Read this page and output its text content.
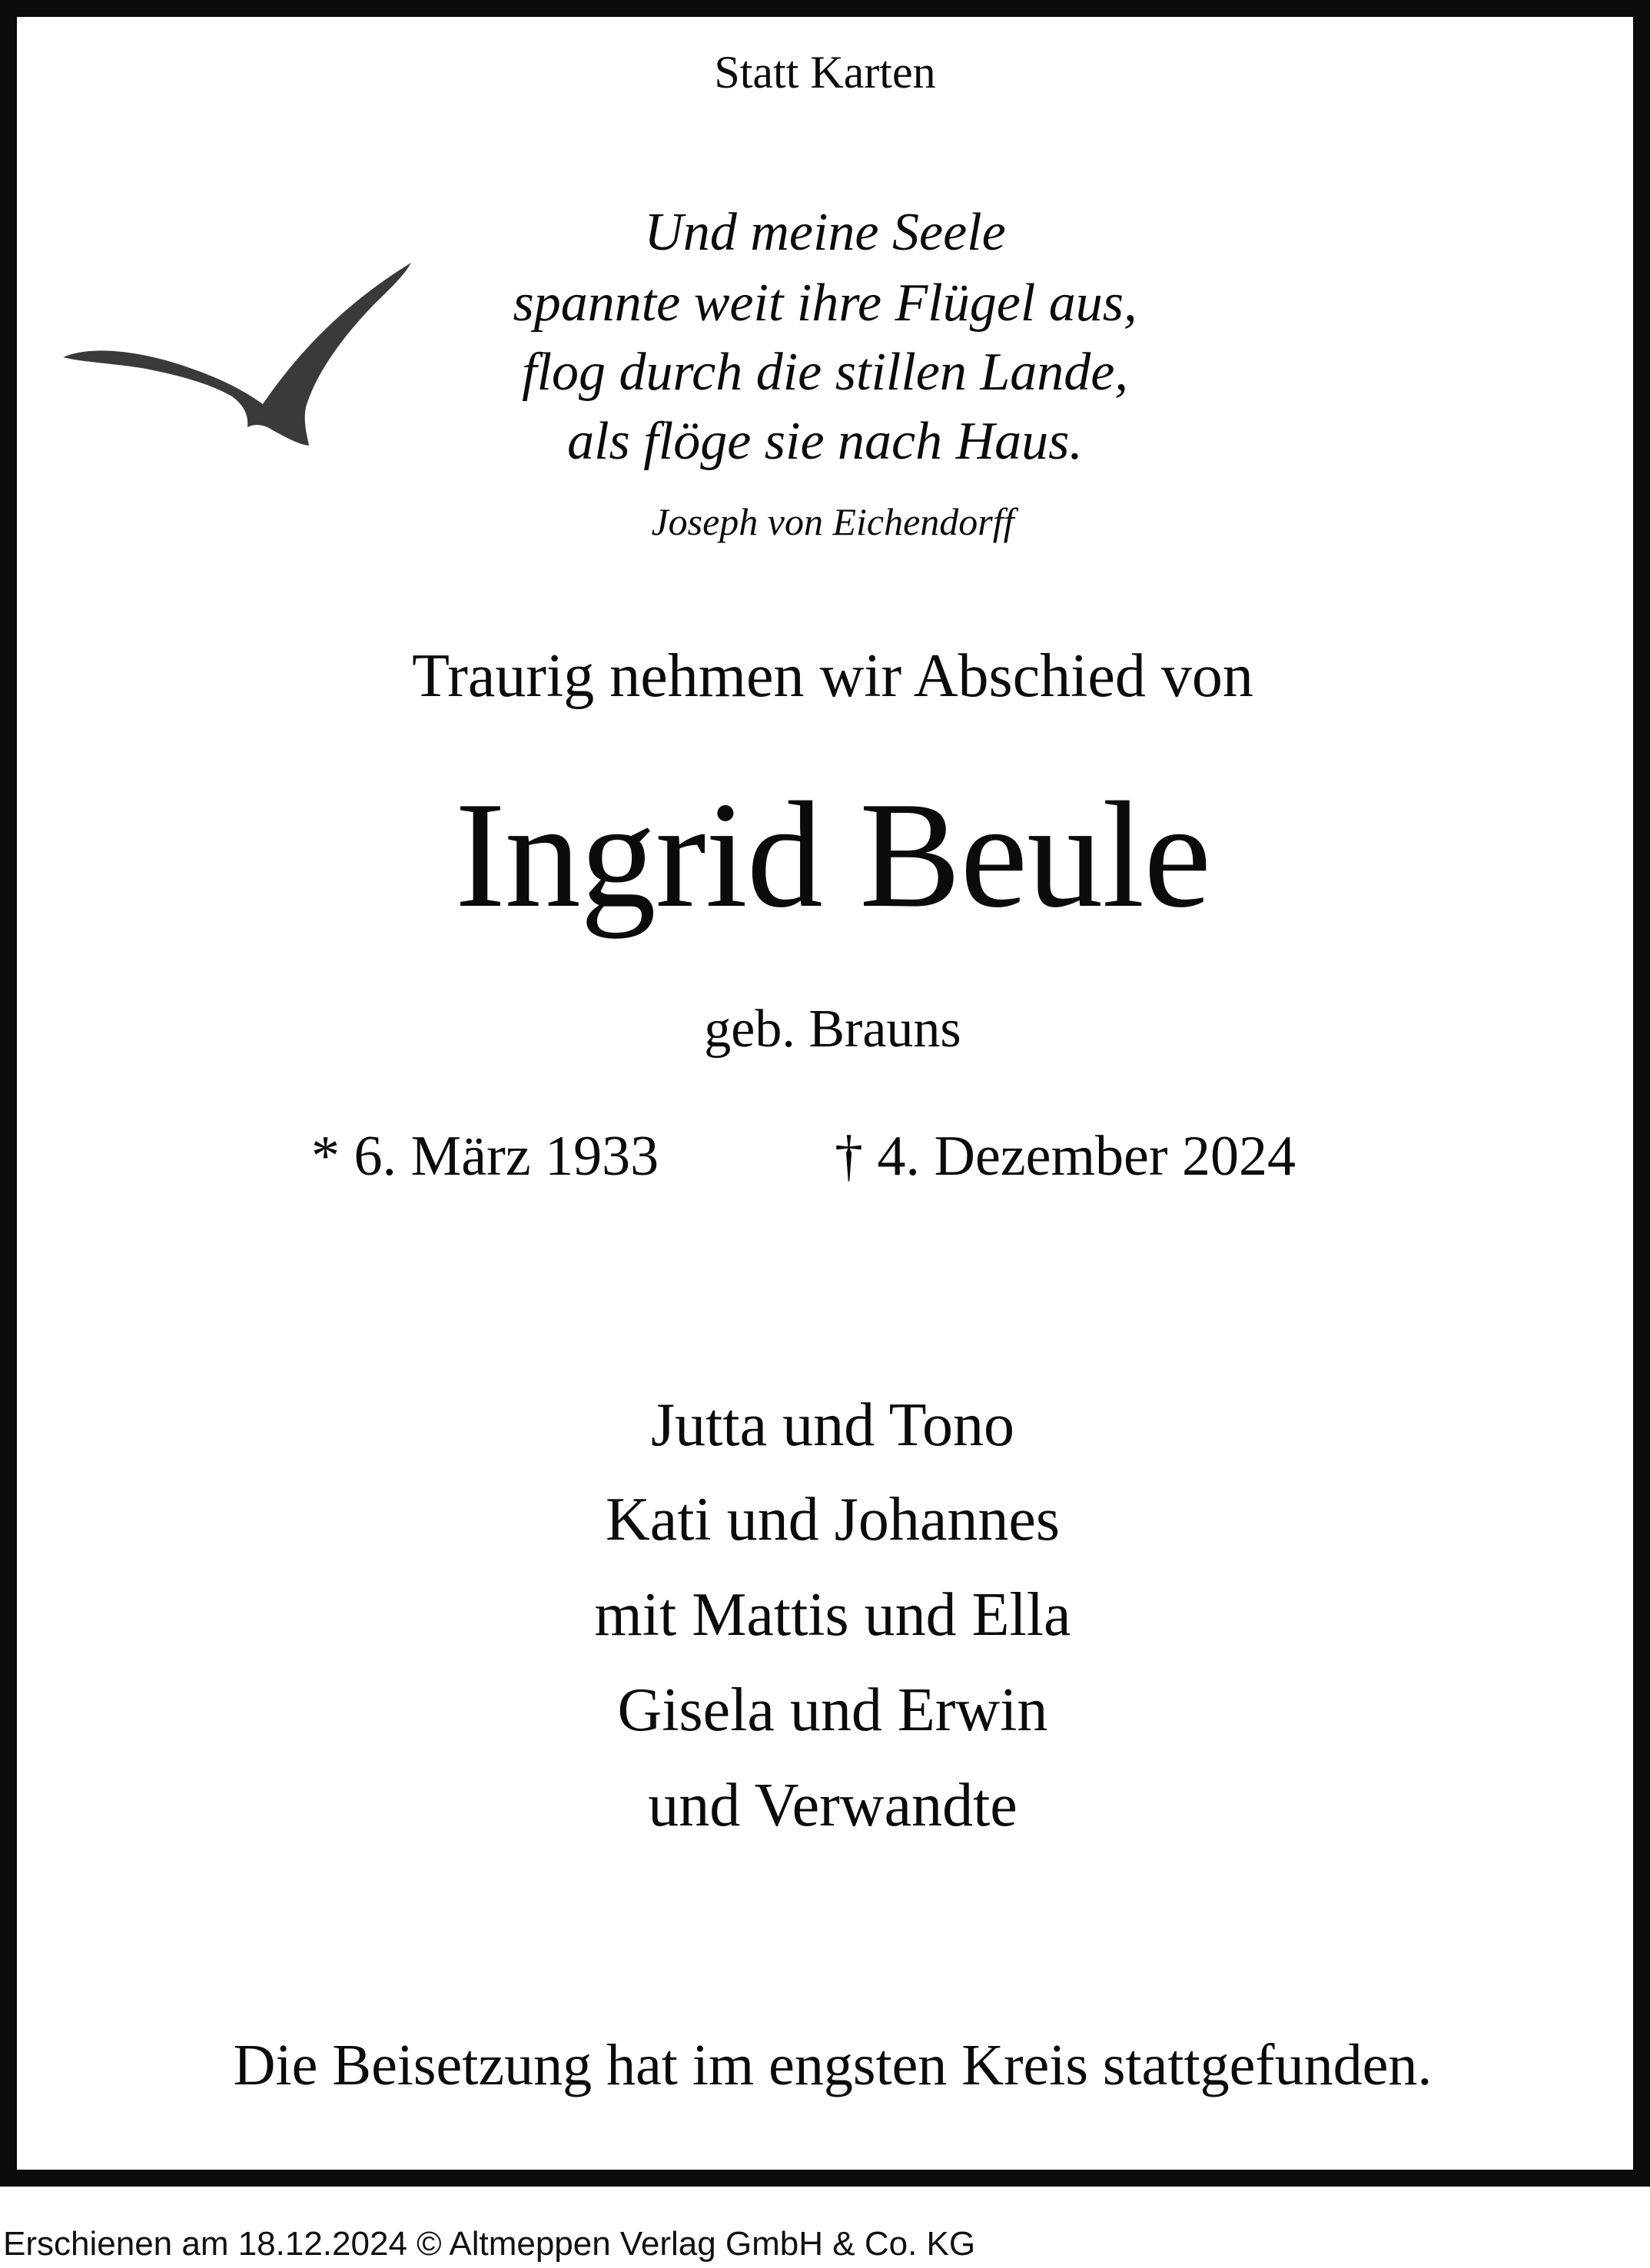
Statt Karten
Und meine Seele
spannte weit ihre Flügel aus,
flog durch die stillen Lande,
als flöge sie nach Haus.
Joseph von Eichendorff
Traurig nehmen wir Abschied von
Ingrid Beule
geb. Brauns
* 6. März 1933	† 4. Dezember 2024
Jutta und Tono
Kati und Johannes
mit Mattis und Ella
Gisela und Erwin
und Verwandte
Die Beisetzung hat im engsten Kreis stattgefunden.
Erschienen am 18.12.2024 © Altmeppen Verlag GmbH & Co. KG
